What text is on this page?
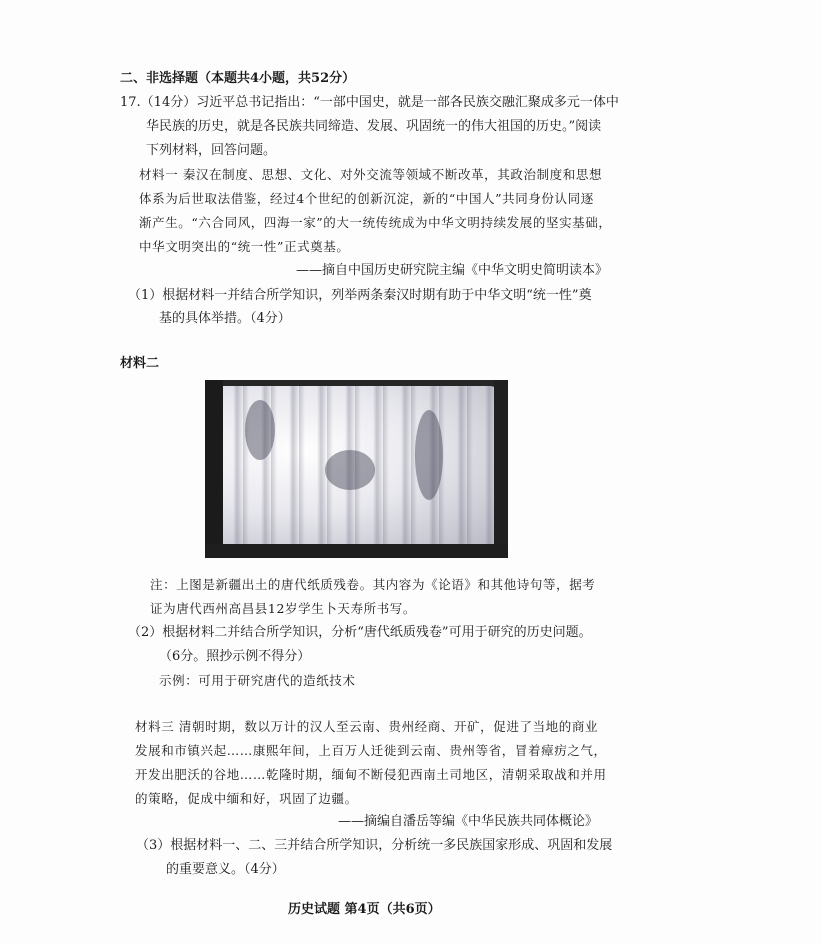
二、非选择题（本题共4小题，共52分）
17.（14分）习近平总书记指出：“一部中国史，就是一部各民族交融汇聚成多元一体中
华民族的历史，就是各民族共同缔造、发展、巩固统一的伟大祖国的历史。”阅读
下列材料，回答问题。
材料一 秦汉在制度、思想、文化、对外交流等领域不断改革，其政治制度和思想
体系为后世取法借鉴，经过4个世纪的创新沉淀，新的“中国人”共同身份认同逐
渐产生。“六合同风，四海一家”的大一统传统成为中华文明持续发展的坚实基础，
中华文明突出的“统一性”正式奠基。
——摘自中国历史研究院主编《中华文明史简明读本》
（1）根据材料一并结合所学知识，列举两条秦汉时期有助于中华文明“统一性”奠
基的具体举措。（4分）
材料二
注：上图是新疆出土的唐代纸质残卷。其内容为《论语》和其他诗句等，据考
证为唐代西州高昌县12岁学生卜天寿所书写。
（2）根据材料二并结合所学知识，分析“唐代纸质残卷”可用于研究的历史问题。
（6分。照抄示例不得分）
示例：可用于研究唐代的造纸技术
材料三 清朝时期，数以万计的汉人至云南、贵州经商、开矿，促进了当地的商业
发展和市镇兴起……康熙年间，上百万人迁徙到云南、贵州等省，冒着瘴疠之气，
开发出肥沃的谷地……乾隆时期，缅甸不断侵犯西南土司地区，清朝采取战和并用
的策略，促成中缅和好，巩固了边疆。
——摘编自潘岳等编《中华民族共同体概论》
（3）根据材料一、二、三并结合所学知识，分析统一多民族国家形成、巩固和发展
的重要意义。（4分）
历史试题 第4页（共6页）
